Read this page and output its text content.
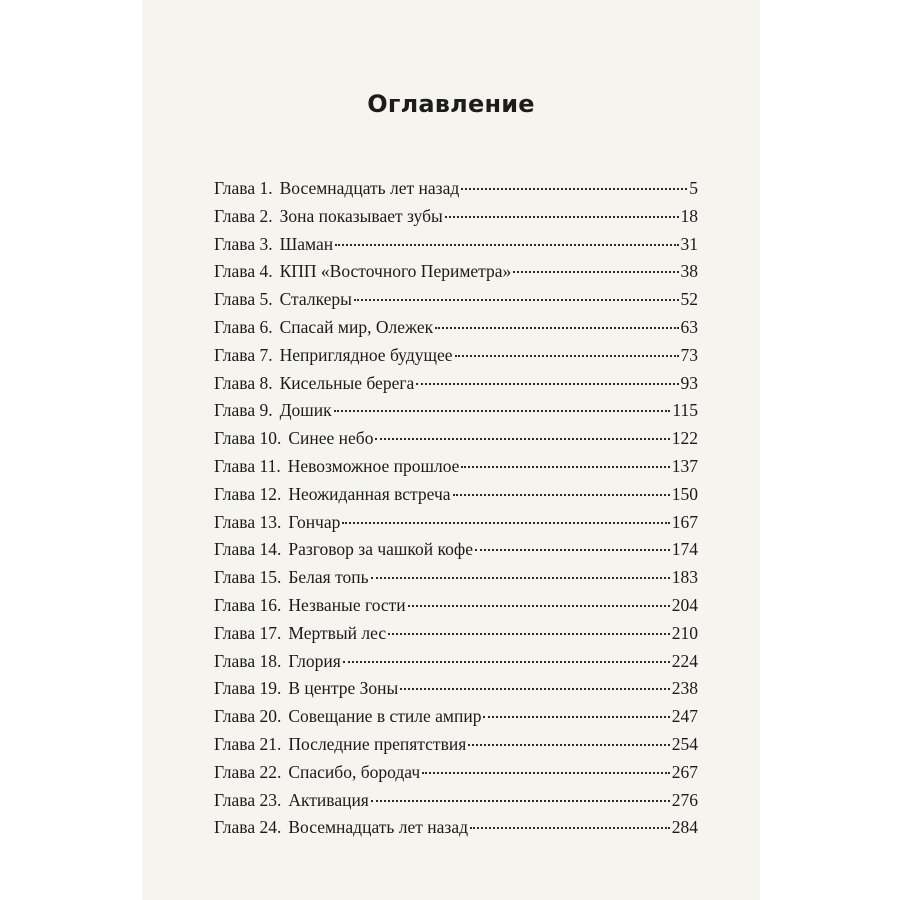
Оглавление
Глава 1. Восемнадцать лет назад	5
Глава 2. Зона показывает зубы	18
Глава 3. Шаман	31
Глава 4. КПП «Восточного Периметра»	38
Глава 5. Сталкеры	52
Глава 6. Спасай мир, Олежек	63
Глава 7. Неприглядное будущее	73
Глава 8. Кисельные берега	93
Глава 9. Дошик	115
Глава 10. Синее небо	122
Глава 11. Невозможное прошлое	137
Глава 12. Неожиданная встреча	150
Глава 13. Гончар	167
Глава 14. Разговор за чашкой кофе	174
Глава 15. Белая топь	183
Глава 16. Незваные гости	204
Глава 17. Мертвый лес	210
Глава 18. Глория	224
Глава 19. В центре Зоны	238
Глава 20. Совещание в стиле ампир	247
Глава 21. Последние препятствия	254
Глава 22. Спасибо, бородач	267
Глава 23. Активация	276
Глава 24. Восемнадцать лет назад	284
